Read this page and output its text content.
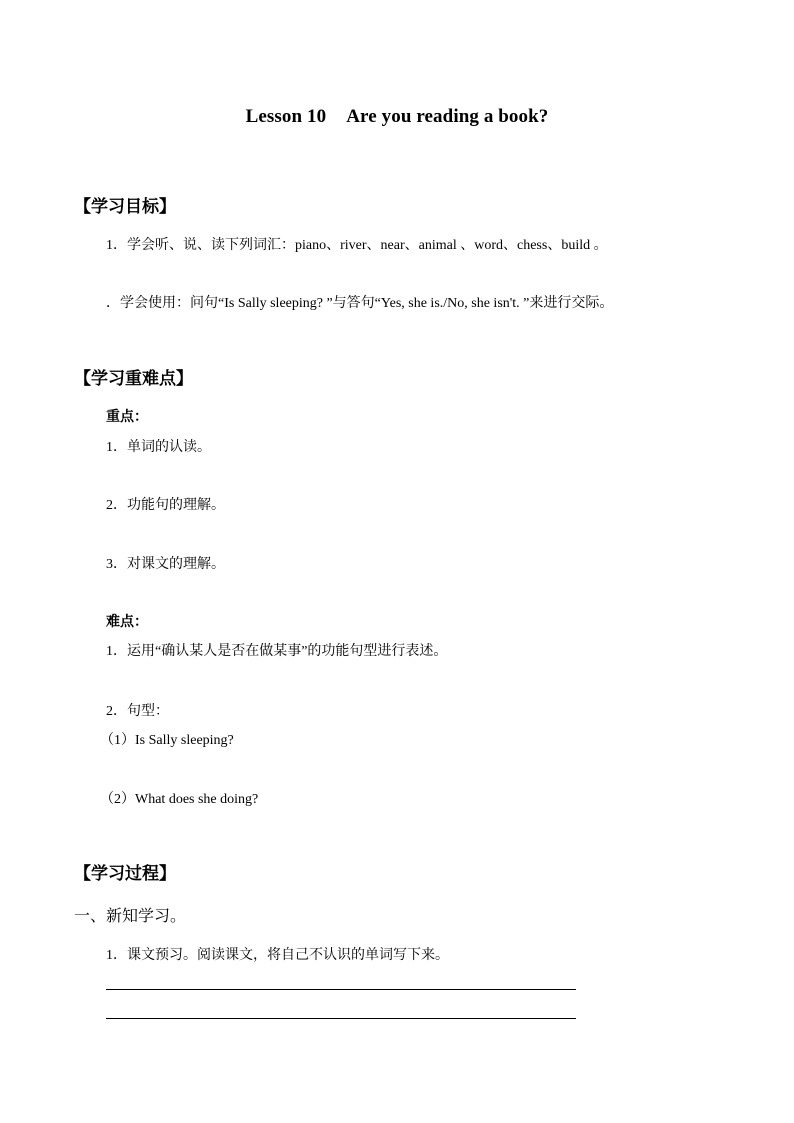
Lesson 10 Are you reading a book?
【学习目标】
1．学会听、说、读下列词汇：piano、river、near、animal 、word、chess、build 。
．学会使用：问句“Is Sally sleeping? ”与答句“Yes, she is./No, she isn't. ”来进行交际。
【学习重难点】
重点：
1．单词的认读。
2．功能句的理解。
3．对课文的理解。
难点：
1．运用“确认某人是否在做某事”的功能句型进行表述。
2．句型：
（1）Is Sally sleeping?
（2）What does she doing?
【学习过程】
一、新知学习。
1．课文预习。阅读课文，将自己不认识的单词写下来。
